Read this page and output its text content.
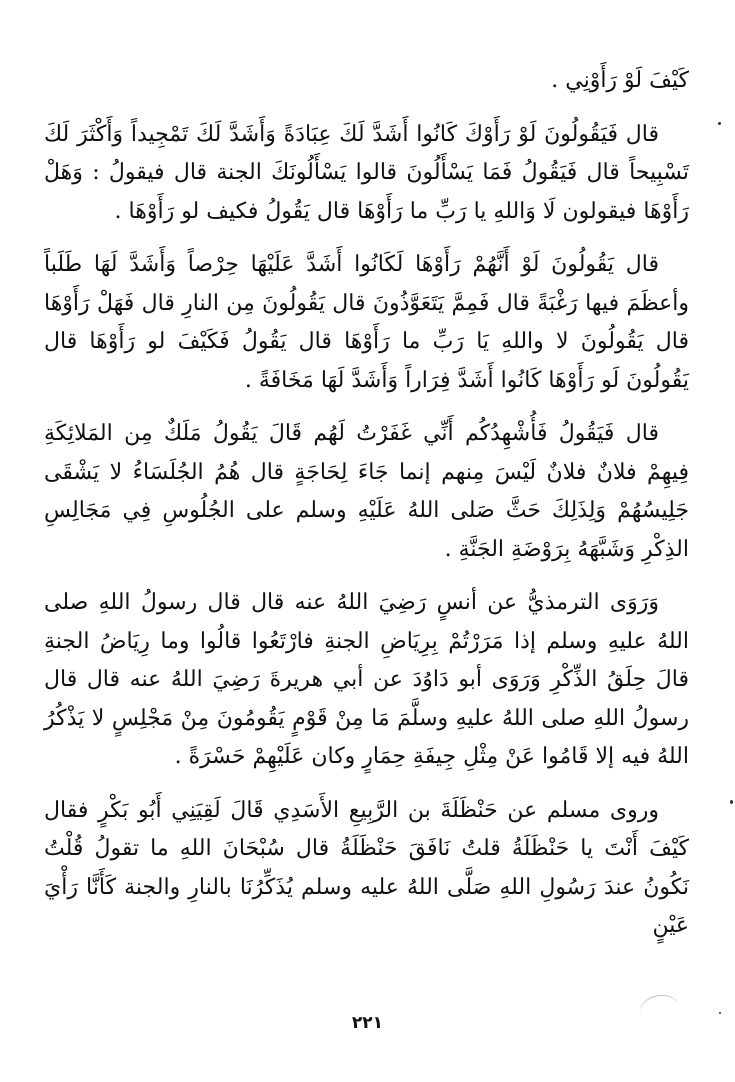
كَيْفَ لَوْ رَأَوْنِي .

قال فَيَقُولُونَ لَوْ رَأَوْكَ كَانُوا أَشَدَّ لَكَ عِبَادَةً وَأَشَدَّ لَكَ تَمْجِيداً وَأَكْثَرَ لَكَ تَسْبِيحاً قال فَيَقُولُ فَمَا يَسْأَلُونَ قالوا يَسْأَلُونَكَ الجنة قال فيقولُ : وَهَلْ رَأَوْهَا فيقولون لَا وَاللهِ يا رَبِّ ما رَأَوْهَا قال يَقُولُ فكيف لو رَأَوْهَا .

قال يَقُولُونَ لَوْ أَنَّهُمْ رَأَوْهَا لَكَانُوا أَشَدَّ عَلَيْهَا حِرْصاً وَأَشَدَّ لَهَا طَلَباً وأعظَمَ فيها رَغْبَةً قال فَمِمَّ يَتَعَوَّذُونَ قال يَقُولُونَ مِن النارِ قال فَهَلْ رَأَوْهَا قال يَقُولُونَ لا واللهِ يَا رَبِّ ما رَأَوْهَا قال يَقُولُ فَكَيْفَ لو رَأَوْهَا قال يَقُولُونَ لَو رَأَوْهَا كَانُوا أَشَدَّ فِرَاراً وَأَشَدَّ لَهَا مَخَافَةً .

قال فَيَقُولُ فَأُشْهِدُكُم أَنِّي غَفَرْتُ لَهُم قَالَ يَقُولُ مَلَكٌ مِن المَلائِكَةِ فِيهِمْ فلانٌ فلانٌ لَيْسَ مِنهم إنما جَاءَ لِحَاجَةٍ قال هُمُ الجُلَسَاءُ لا يَشْقَى جَلِيسُهُمْ وَلِذَلِكَ حَثَّ صَلى اللهُ عَلَيْهِ وسلم على الجُلُوسِ فِي مَجَالِسِ الذِكْرِ وَشَبَّهَهُ بِرَوْضَةِ الجَنَّةِ .

وَرَوَى الترمذيُّ عن أنسٍ رَضِيَ اللهُ عنه قال قال رسولُ اللهِ صلى اللهُ عليهِ وسلم إذا مَرَرْتُمْ بِرِيَاضِ الجنةِ فارْتَعُوا قالُوا وما رِيَاضُ الجنةِ قالَ حِلَقُ الذِّكْرِ وَرَوَى أبو دَاوُدَ عن أبي هريرةَ رَضِيَ اللهُ عنه قال قال رسولُ اللهِ صلى اللهُ عليهِ وسلَّمَ مَا مِنْ قَوْمٍ يَقُومُونَ مِنْ مَجْلِسٍ لا يَذْكُرُ اللهُ فيه إلا قَامُوا عَنْ مِثْلِ جِيفَةِ حِمَارٍ وكان عَلَيْهِمْ حَسْرَةً .

وروى مسلم عن حَنْظَلَةَ بن الرَّبِيعِ الأَسَدِي قَالَ لَقِيَنِي أَبُو بَكْرٍ فقال كَيْفَ أَنْتَ يا حَنْظَلَةُ قلتُ نَافَقَ حَنْظَلَةُ قال سُبْحَانَ اللهِ ما تقولُ قُلْتُ نَكُونُ عندَ رَسُولِ اللهِ صَلَّى اللهُ عليه وسلم يُذَكِّرُنَا بالنارِ والجنة كَأَنَّا رَأْيَ عَيْنٍ

٢٢١
